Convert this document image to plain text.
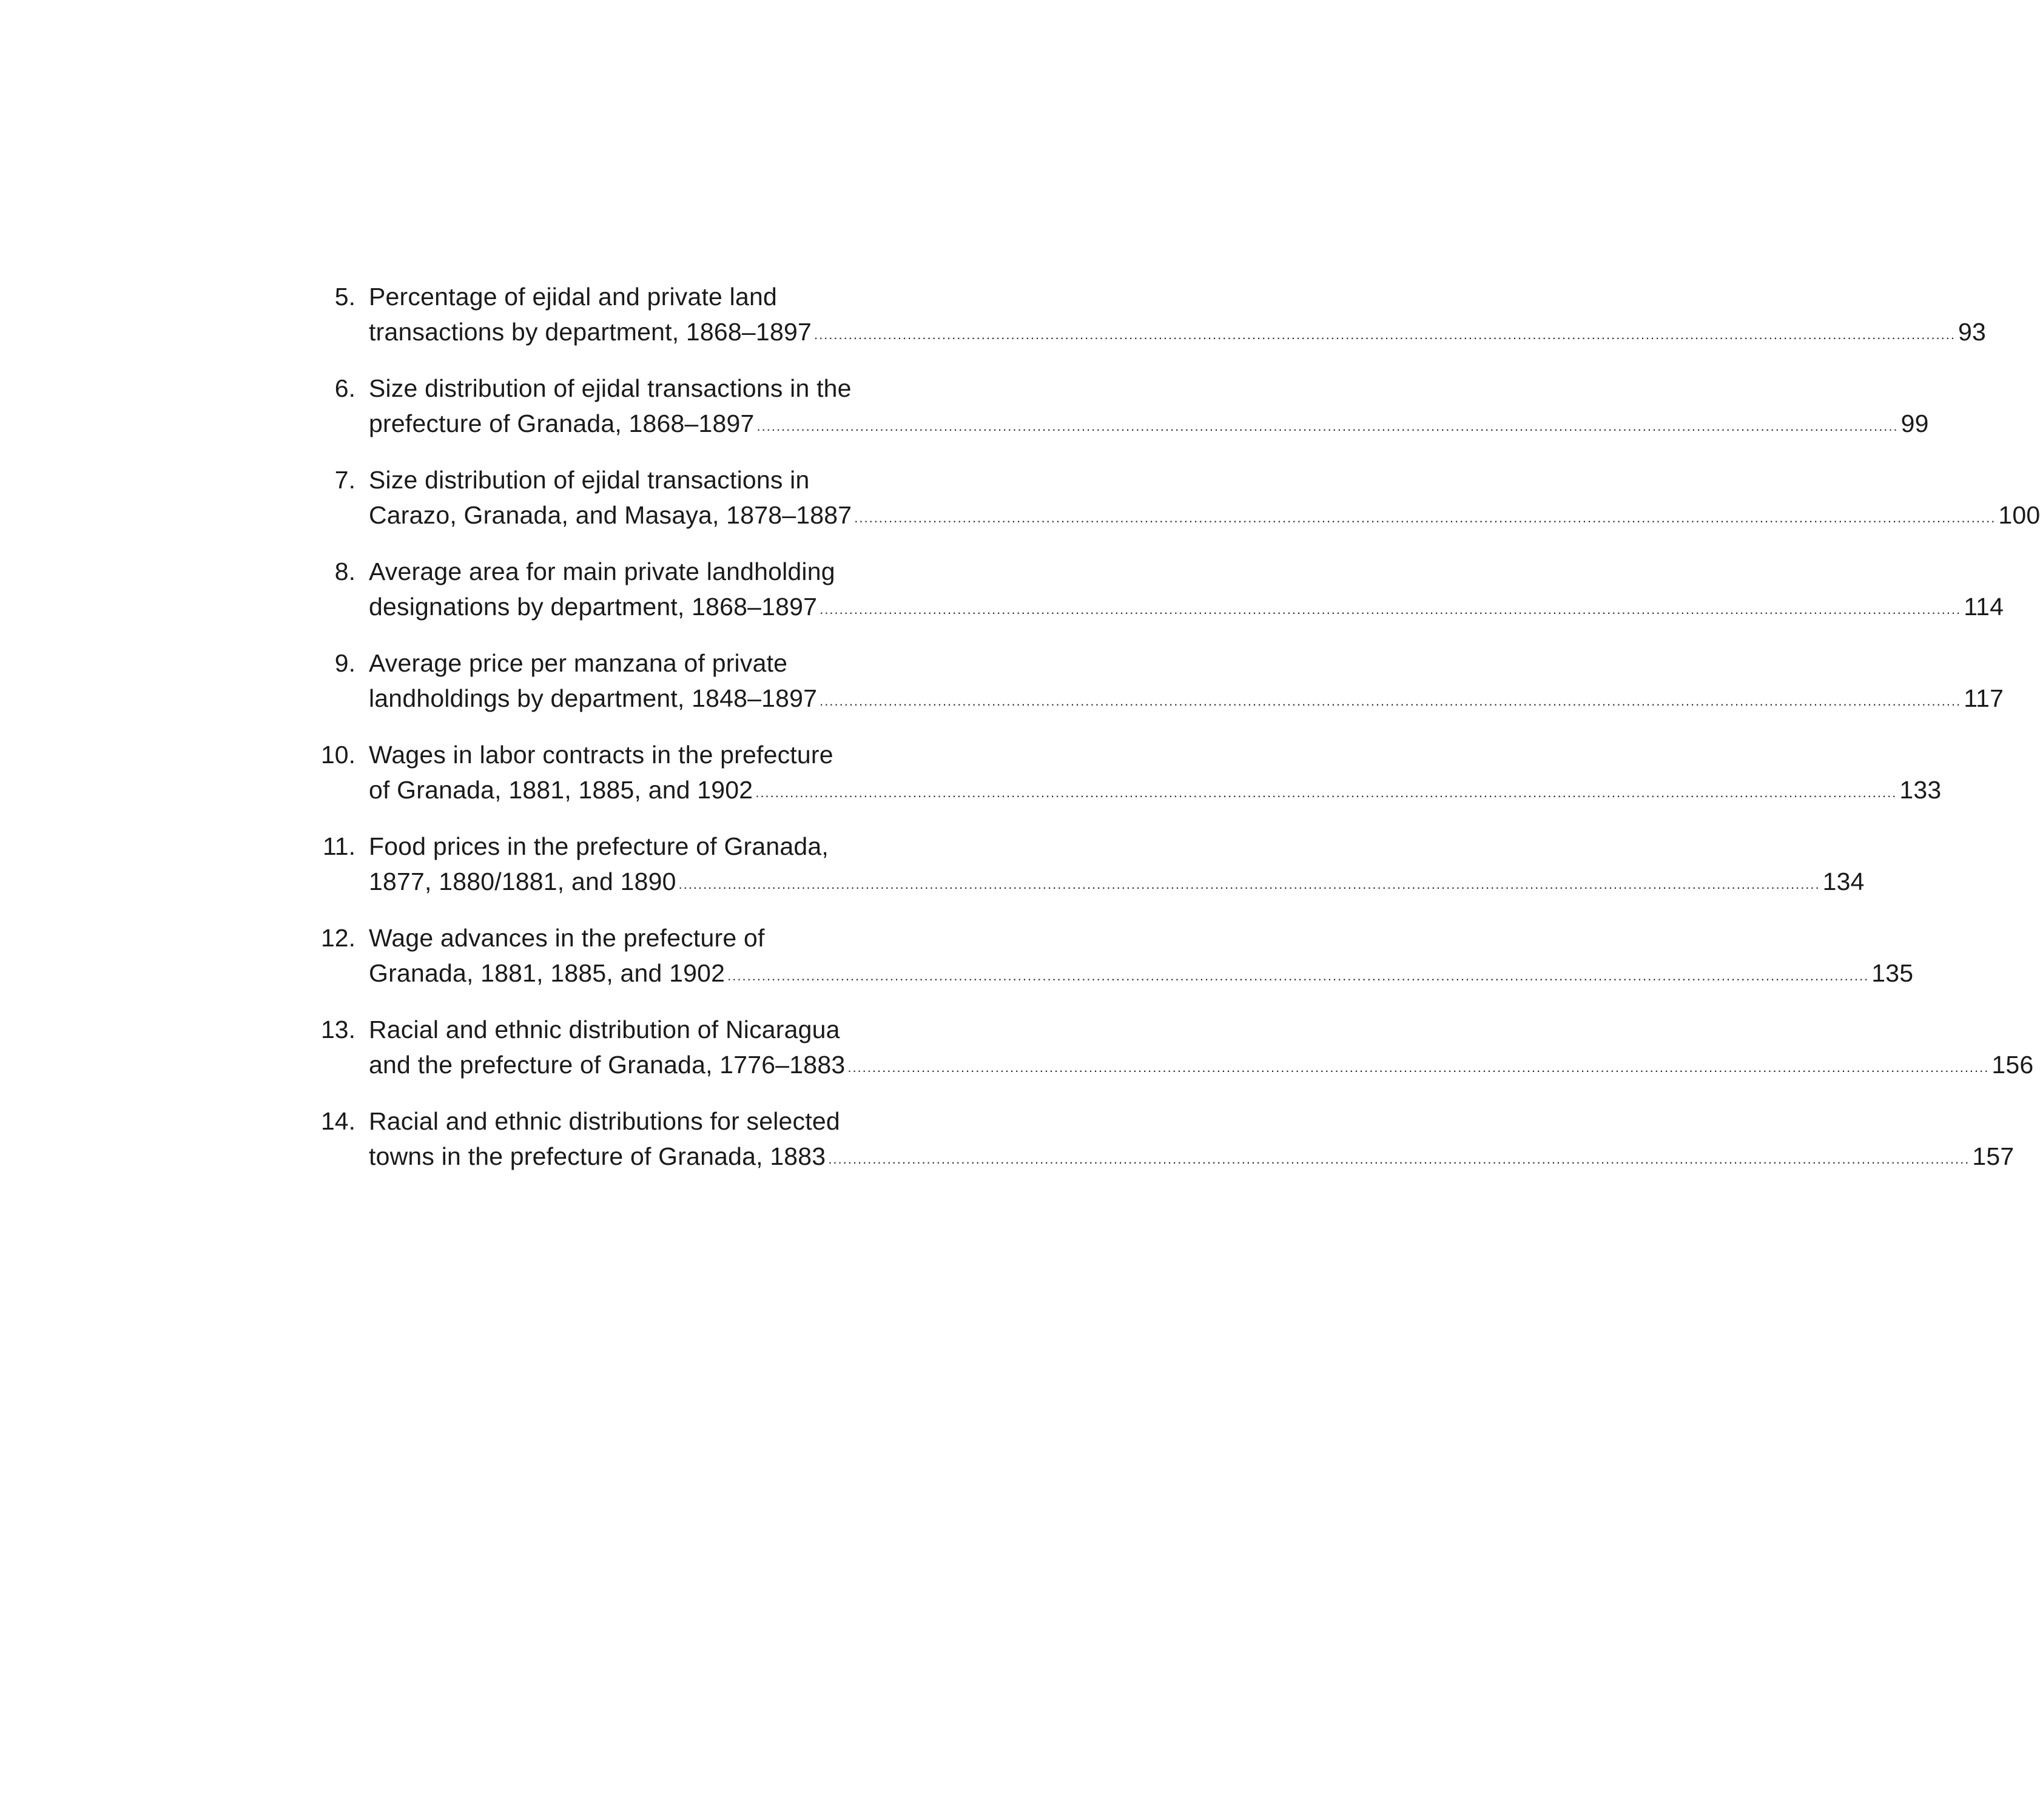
5. Percentage of ejidal and private land
transactions by department, 1868–1897 .....	93
6. Size distribution of ejidal transactions in the
prefecture of Granada, 1868–1897 .....	99
7. Size distribution of ejidal transactions in
Carazo, Granada, and Masaya, 1878–1887 .....	100
8. Average area for main private landholding
designations by department, 1868–1897 .....	114
9. Average price per manzana of private
landholdings by department, 1848–1897 .....	117
10. Wages in labor contracts in the prefecture
of Granada, 1881, 1885, and 1902 .....	133
11. Food prices in the prefecture of Granada,
1877, 1880/1881, and 1890 .....	134
12. Wage advances in the prefecture of
Granada, 1881, 1885, and 1902 .....	135
13. Racial and ethnic distribution of Nicaragua
and the prefecture of Granada, 1776–1883 .....	156
14. Racial and ethnic distributions for selected
towns in the prefecture of Granada, 1883 .....	157
